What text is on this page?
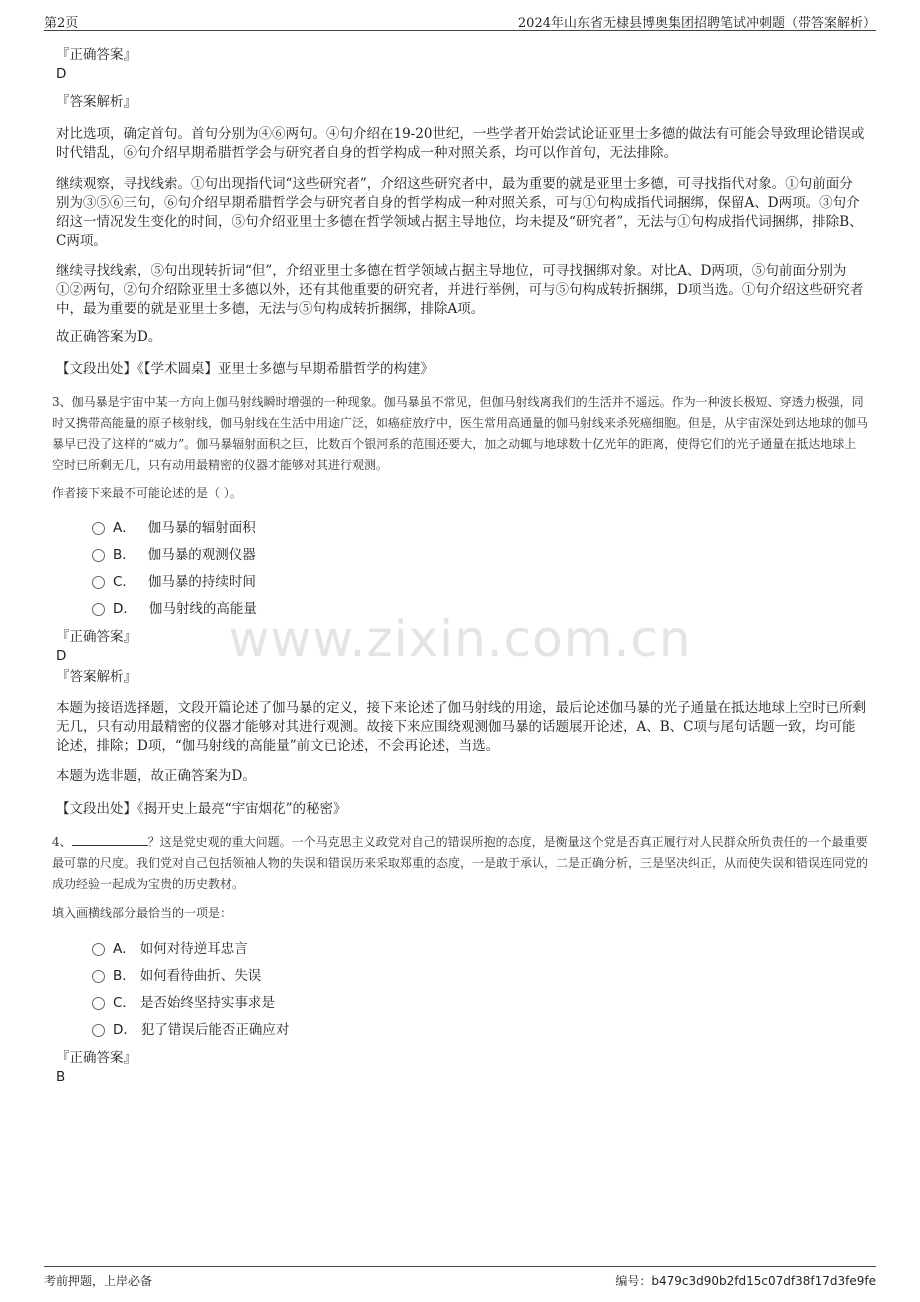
第2页	2024年山东省无棣县博奥集团招聘笔试冲刺题（带答案解析）
www.zixin.com.cn

『正确答案』

D

『答案解析』
对比选项，确定首句。首句分别为④⑥两句。④句介绍在19-20世纪，一些学者开始尝试论证亚里士多德的做法有可能会导致理论错误或时代错乱，⑥句介绍早期希腊哲学会与研究者自身的哲学构成一种对照关系，均可以作首句，无法排除。
继续观察，寻找线索。①句出现指代词“这些研究者”，介绍这些研究者中，最为重要的就是亚里士多德，可寻找指代对象。①句前面分别为③⑤⑥三句，⑥句介绍早期希腊哲学会与研究者自身的哲学构成一种对照关系，可与①句构成指代词捆绑，保留A、D两项。③句介绍这一情况发生变化的时间，⑤句介绍亚里士多德在哲学领域占据主导地位，均未提及“研究者”，无法与①句构成指代词捆绑，排除B、C两项。
继续寻找线索，⑤句出现转折词“但”，介绍亚里士多德在哲学领域占据主导地位，可寻找捆绑对象。对比A、D两项，⑤句前面分别为①②两句，②句介绍除亚里士多德以外，还有其他重要的研究者，并进行举例，可与⑤句构成转折捆绑，D项当选。①句介绍这些研究者中，最为重要的就是亚里士多德，无法与⑤句构成转折捆绑，排除A项。
故正确答案为D。
【文段出处】《【学术圆桌】亚里士多德与早期希腊哲学的构建》
3、伽马暴是宇宙中某一方向上伽马射线瞬时增强的一种现象。伽马暴虽不常见，但伽马射线离我们的生活并不遥远。作为一种波长极短、穿透力极强，同时又携带高能量的原子核射线，伽马射线在生活中用途广泛，如癌症放疗中，医生常用高通量的伽马射线来杀死癌细胞。但是，从宇宙深处到达地球的伽马暴早已没了这样的“威力”。伽马暴辐射面积之巨，比数百个银河系的范围还要大，加之动辄与地球数十亿光年的距离，使得它们的光子通量在抵达地球上空时已所剩无几，只有动用最精密的仪器才能够对其进行观测。
作者接下来最不可能论述的是（ ）。
A． 伽马暴的辐射面积
B． 伽马暴的观测仪器
C． 伽马暴的持续时间
D． 伽马射线的高能量

『正确答案』

D

『答案解析』
本题为接语选择题，文段开篇论述了伽马暴的定义，接下来论述了伽马射线的用途，最后论述伽马暴的光子通量在抵达地球上空时已所剩无几，只有动用最精密的仪器才能够对其进行观测。故接下来应围绕观测伽马暴的话题展开论述，A、B、C项与尾句话题一致，均可能论述，排除；D项，“伽马射线的高能量”前文已论述，不会再论述，当选。
本题为选非题，故正确答案为D。
【文段出处】《揭开史上最亮“宇宙烟花”的秘密》
4、	？这是党史观的重大问题。一个马克思主义政党对自己的错误所抱的态度，是衡量这个党是否真正履行对人民群众所负责任的一个最重要最可靠的尺度。我们党对自己包括领袖人物的失误和错误历来采取郑重的态度，一是敢于承认，二是正确分析，三是坚决纠正，从而使失误和错误连同党的成功经验一起成为宝贵的历史教材。
填入画横线部分最恰当的一项是：
A． 如何对待逆耳忠言
B． 如何看待曲折、失误
C． 是否始终坚持实事求是
D． 犯了错误后能否正确应对

『正确答案』

B

考前押题，上岸必备	编号：b479c3d90b2fd15c07df38f17d3fe9fe
